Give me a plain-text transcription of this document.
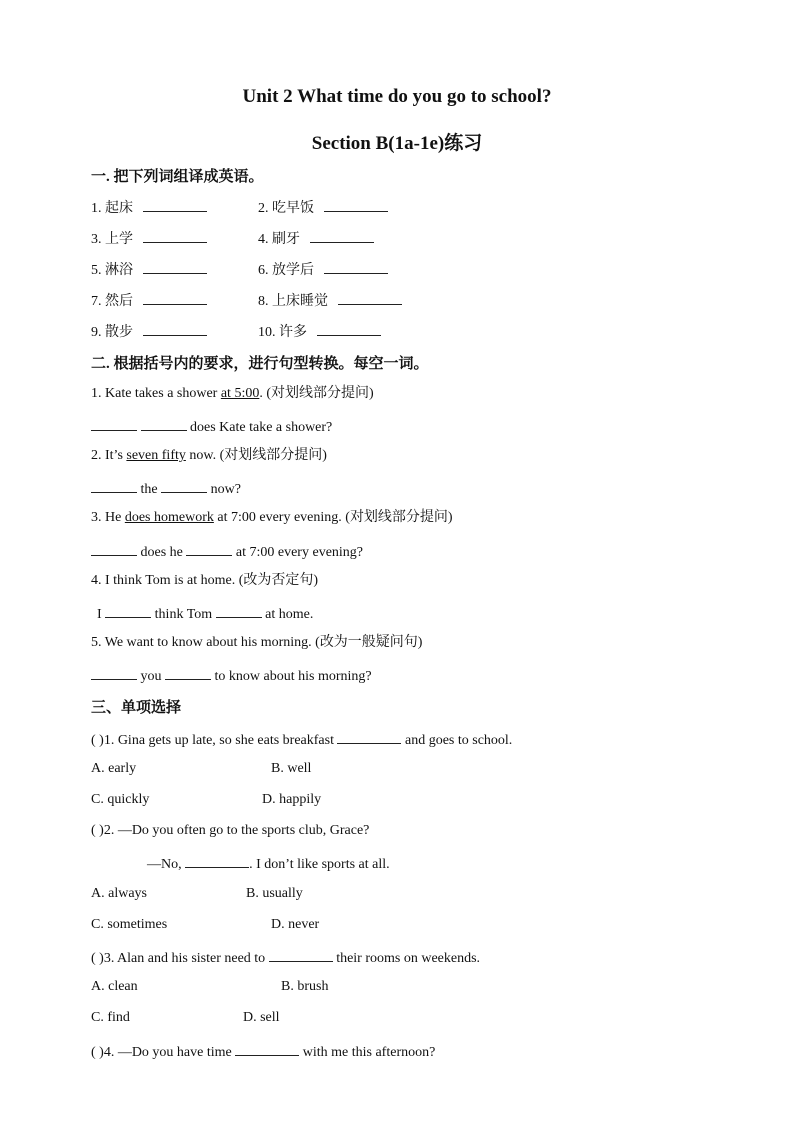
Unit 2 What time do you go to school?
Section B(1a-1e)练习
一. 把下列词组译成英语。
1. 起床	2. 吃早饭
3. 上学	4. 刷牙
5. 淋浴	6. 放学后
7. 然后	8. 上床睡觉
9. 散步	10. 许多
二. 根据括号内的要求，进行句型转换。每空一词。
1. Kate takes a shower at 5:00. (对划线部分提问)
does Kate take a shower?
2. It’s seven fifty now. (对划线部分提问)
the	now?
3. He does homework at 7:00 every evening. (对划线部分提问)
does he	at 7:00 every evening?
4. I think Tom is at home. (改为否定句)
I	think Tom	at home.
5. We want to know about his morning. (改为一般疑问句)
you	to know about his morning?
三、单项选择
( )1. Gina gets up late, so she eats breakfast	and goes to school.
A. early	B. well
C. quickly	D. happily
( )2. —Do you often go to the sports club, Grace?
—No,	. I don’t like sports at all.
A. always	B. usually
C. sometimes	D. never
( )3. Alan and his sister need to	their rooms on weekends.
A. clean	B. brush
C. find	D. sell
( )4. —Do you have time	with me this afternoon?
